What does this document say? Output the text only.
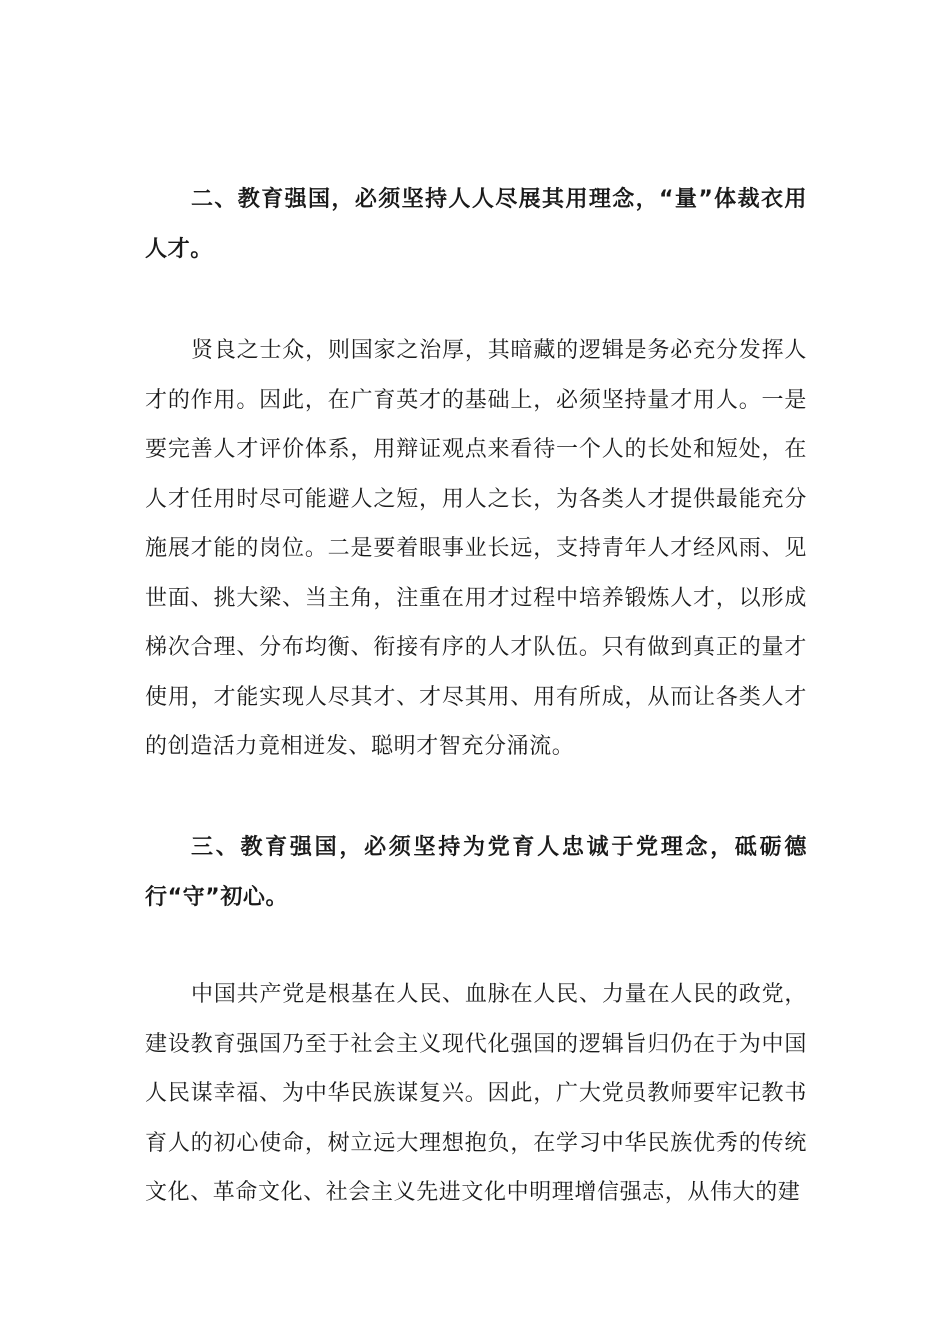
二、教育强国，必须坚持人人尽展其用理念，“量”体裁衣用人才。

贤良之士众，则国家之治厚，其暗藏的逻辑是务必充分发挥人才的作用。因此，在广育英才的基础上，必须坚持量才用人。一是要完善人才评价体系，用辩证观点来看待一个人的长处和短处，在人才任用时尽可能避人之短，用人之长，为各类人才提供最能充分施展才能的岗位。二是要着眼事业长远，支持青年人才经风雨、见世面、挑大梁、当主角，注重在用才过程中培养锻炼人才，以形成梯次合理、分布均衡、衔接有序的人才队伍。只有做到真正的量才使用，才能实现人尽其才、才尽其用、用有所成，从而让各类人才的创造活力竟相迸发、聪明才智充分涌流。

三、教育强国，必须坚持为党育人忠诚于党理念，砥砺德行“守”初心。

中国共产党是根基在人民、血脉在人民、力量在人民的政党，建设教育强国乃至于社会主义现代化强国的逻辑旨归仍在于为中国人民谋幸福、为中华民族谋复兴。因此，广大党员教师要牢记教书育人的初心使命，树立远大理想抱负，在学习中华民族优秀的传统文化、革命文化、社会主义先进文化中明理增信强志，从伟大的建
